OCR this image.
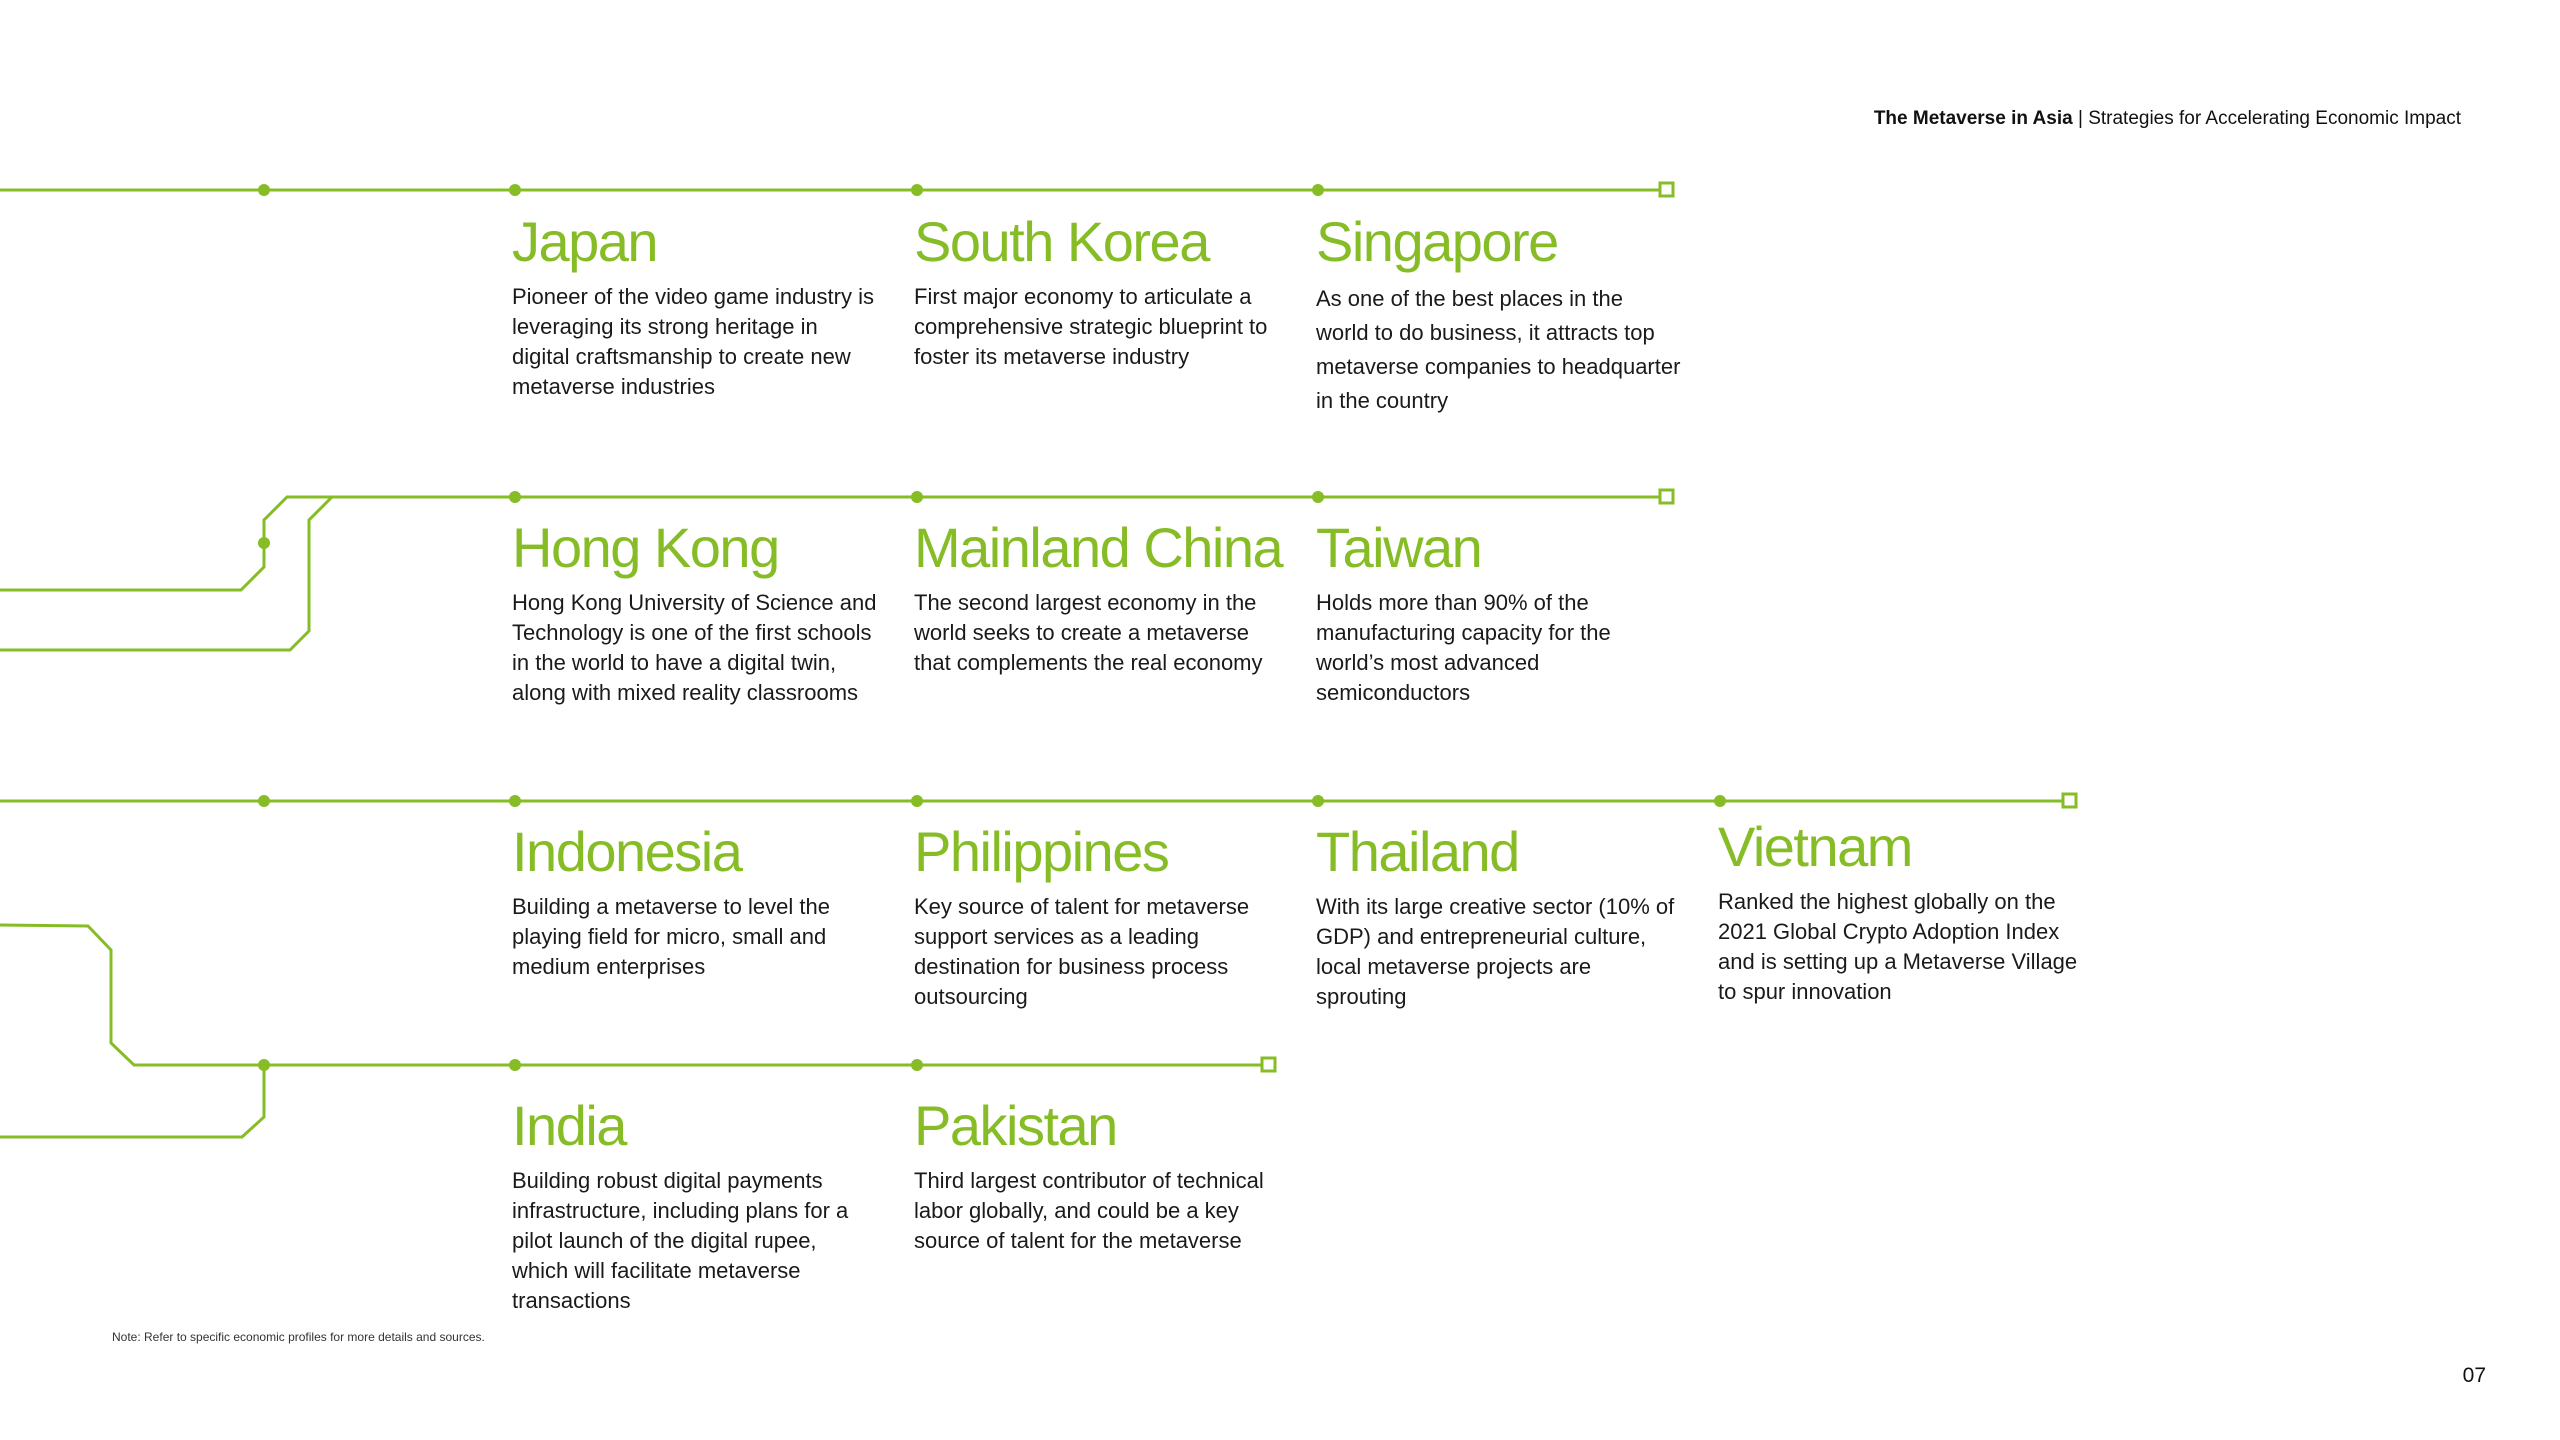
The Metaverse in Asia | Strategies for Accelerating Economic Impact
Japan

Pioneer of the video game industry is leveraging its strong heritage in digital craftsmanship to create new metaverse industries

South Korea

First major economy to articulate a comprehensive strategic blueprint to foster its metaverse industry

Singapore

As one of the best places in the world to do business, it attracts top metaverse companies to headquarter in the country

Hong Kong

Hong Kong University of Science and Technology is one of the first schools in the world to have a digital twin, along with mixed reality classrooms

Mainland China

The second largest economy in the world seeks to create a metaverse that complements the real economy

Taiwan

Holds more than 90% of the manufacturing capacity for the world’s most advanced semiconductors

Indonesia

Building a metaverse to level the playing field for micro, small and medium enterprises

Philippines

Key source of talent for metaverse support services as a leading destination for business process outsourcing

Thailand

With its large creative sector (10% of GDP) and entrepreneurial culture, local metaverse projects are sprouting

Vietnam

Ranked the highest globally on the 2021 Global Crypto Adoption Index and is setting up a Metaverse Village to spur innovation

India

Building robust digital payments infrastructure, including plans for a pilot launch of the digital rupee, which will facilitate metaverse transactions

Pakistan

Third largest contributor of technical labor globally, and could be a key source of talent for the metaverse

Note: Refer to specific economic profiles for more details and sources.
07
